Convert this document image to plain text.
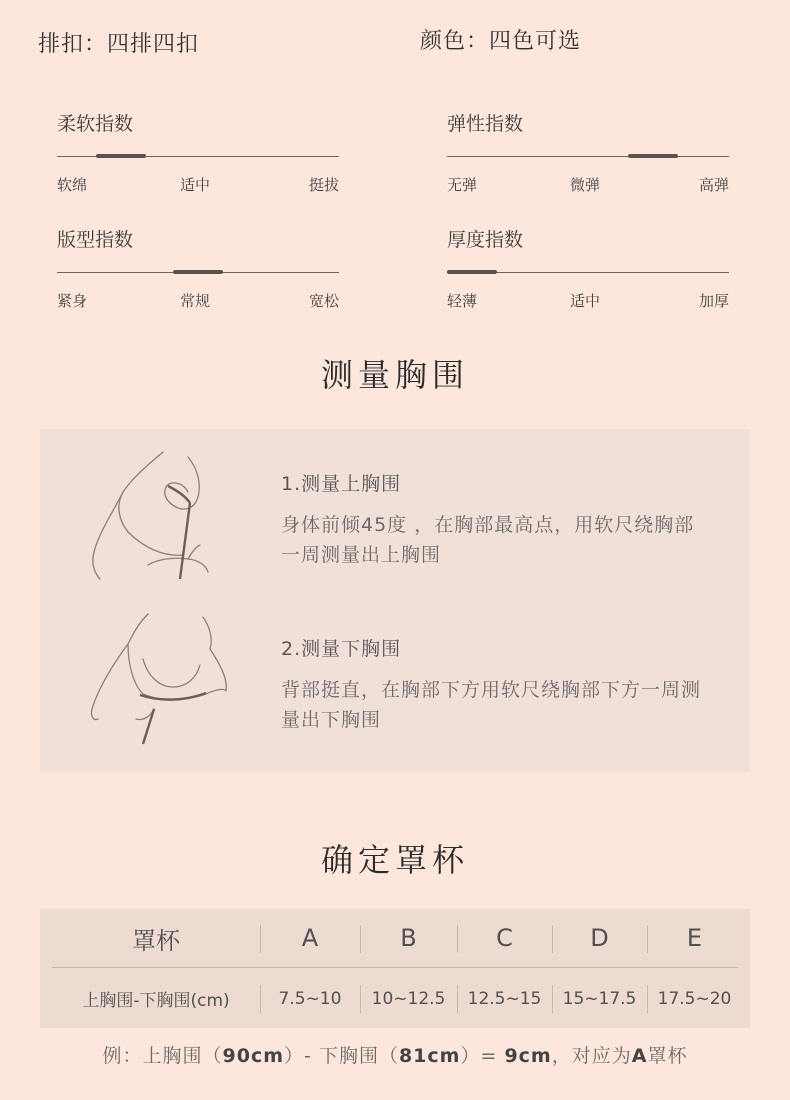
排扣：四排四扣	颜色：四色可选
柔软指数
软绵	适中	挺拔
弹性指数
无弹	微弹	高弹
版型指数
紧身	常规	宽松
厚度指数
轻薄	适中	加厚
测量胸围
1.测量上胸围
身体前倾45度 ，在胸部最高点，用软尺绕胸部一周测量出上胸围
2.测量下胸围
背部挺直，在胸部下方用软尺绕胸部下方一周测量出下胸围
确定罩杯
罩杯	A	B	C	D	E
上胸围-下胸围(cm)	7.5~10	10~12.5	12.5~15	15~17.5	17.5~20
例：上胸围（90cm）- 下胸围（81cm）= 9cm，对应为A罩杯
